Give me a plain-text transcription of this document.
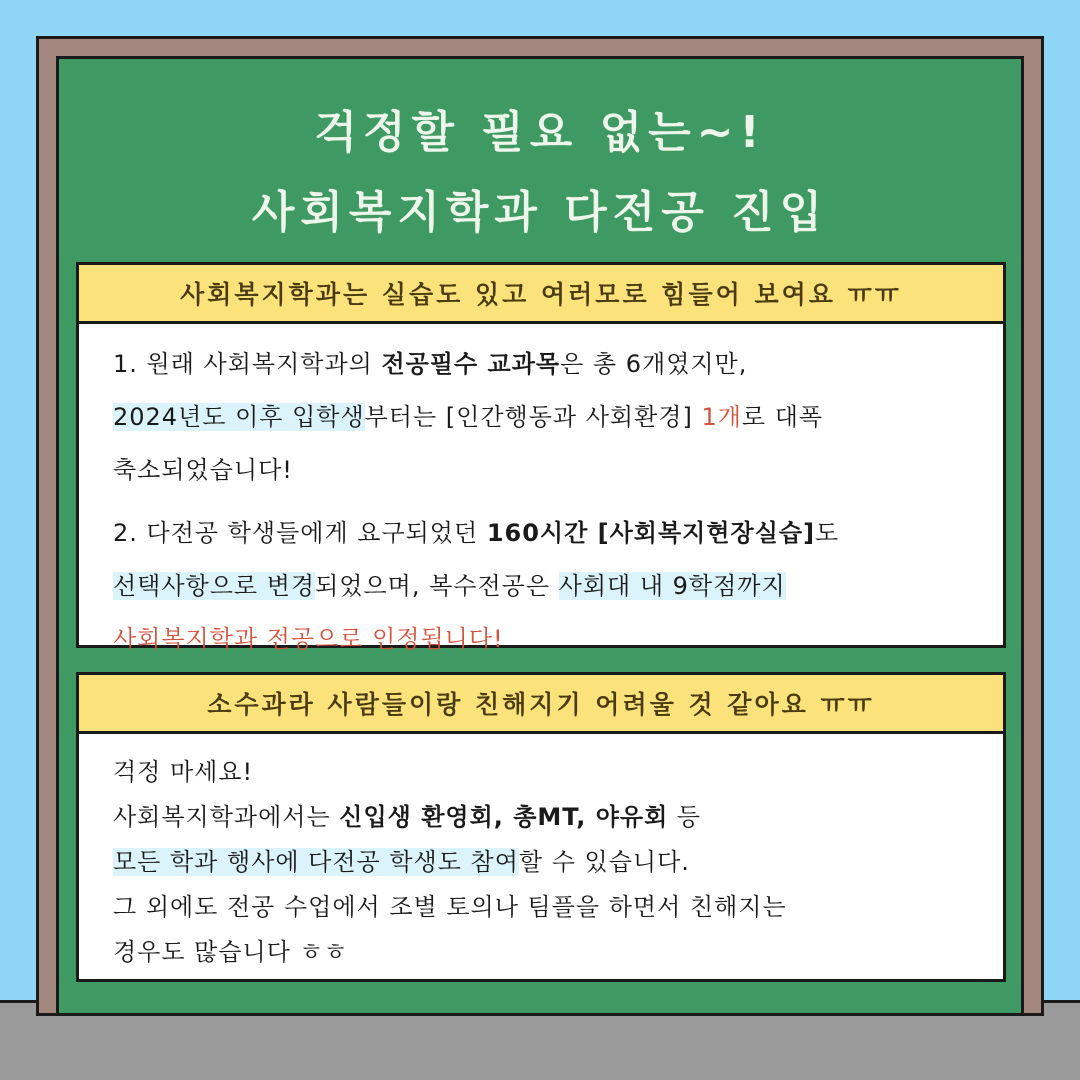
걱정할 필요 없는~!
사회복지학과 다전공 진입
사회복지학과는 실습도 있고 여러모로 힘들어 보여요 ㅠㅠ
1. 원래 사회복지학과의 전공필수 교과목은 총 6개였지만,
2024년도 이후 입학생부터는 [인간행동과 사회환경] 1개로 대폭
축소되었습니다!
2. 다전공 학생들에게 요구되었던 160시간 [사회복지현장실습]도
선택사항으로 변경되었으며, 복수전공은 사회대 내 9학점까지
사회복지학과 전공으로 인정됩니다!
소수과라 사람들이랑 친해지기 어려울 것 같아요 ㅠㅠ
걱정 마세요!
사회복지학과에서는 신입생 환영회, 총MT, 야유회 등
모든 학과 행사에 다전공 학생도 참여할 수 있습니다.
그 외에도 전공 수업에서 조별 토의나 팀플을 하면서 친해지는
경우도 많습니다 ㅎㅎ
